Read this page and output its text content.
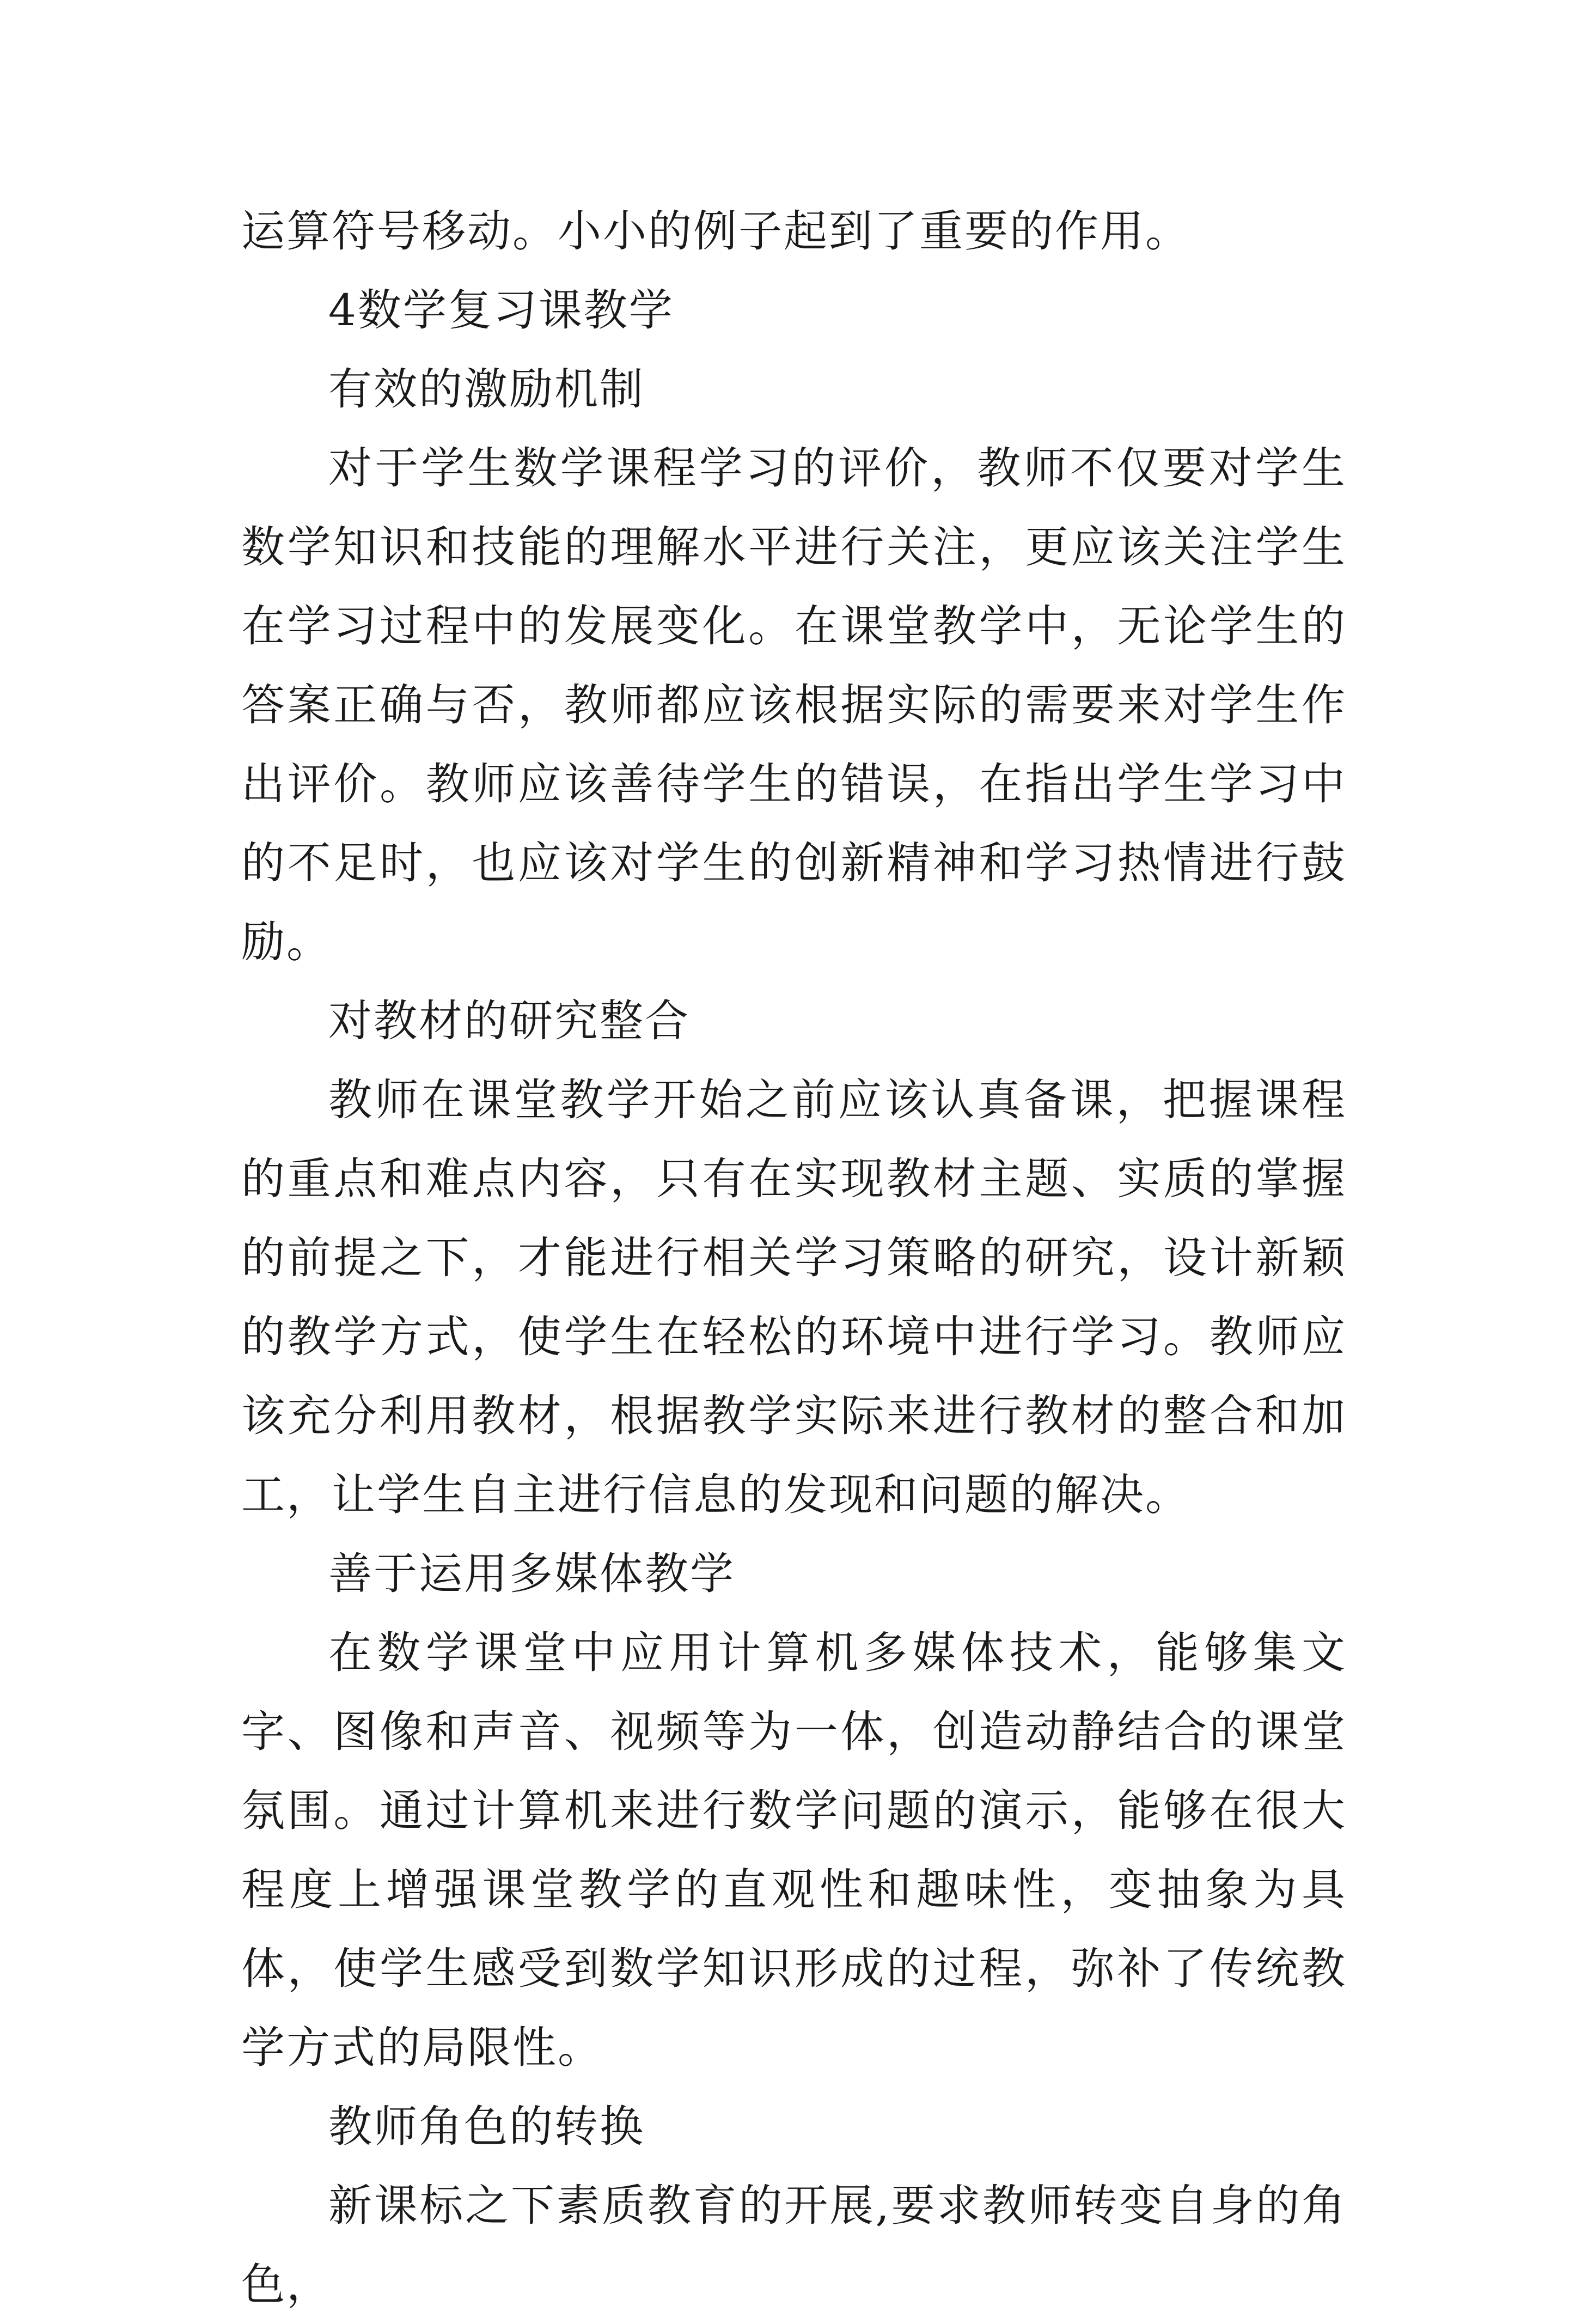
运算符号移动。小小的例子起到了重要的作用。

4数学复习课教学

有效的激励机制

对于学生数学课程学习的评价，教师不仅要对学生数学知识和技能的理解水平进行关注，更应该关注学生在学习过程中的发展变化。在课堂教学中，无论学生的答案正确与否，教师都应该根据实际的需要来对学生作出评价。教师应该善待学生的错误，在指出学生学习中的不足时，也应该对学生的创新精神和学习热情进行鼓励。

对教材的研究整合

教师在课堂教学开始之前应该认真备课，把握课程的重点和难点内容，只有在实现教材主题、实质的掌握的前提之下，才能进行相关学习策略的研究，设计新颖的教学方式，使学生在轻松的环境中进行学习。教师应该充分利用教材，根据教学实际来进行教材的整合和加工，让学生自主进行信息的发现和问题的解决。

善于运用多媒体教学

在数学课堂中应用计算机多媒体技术，能够集文字、图像和声音、视频等为一体，创造动静结合的课堂氛围。通过计算机来进行数学问题的演示，能够在很大程度上增强课堂教学的直观性和趣味性，变抽象为具体，使学生感受到数学知识形成的过程，弥补了传统教学方式的局限性。

教师角色的转换

新课标之下素质教育的开展,要求教师转变自身的角色，
